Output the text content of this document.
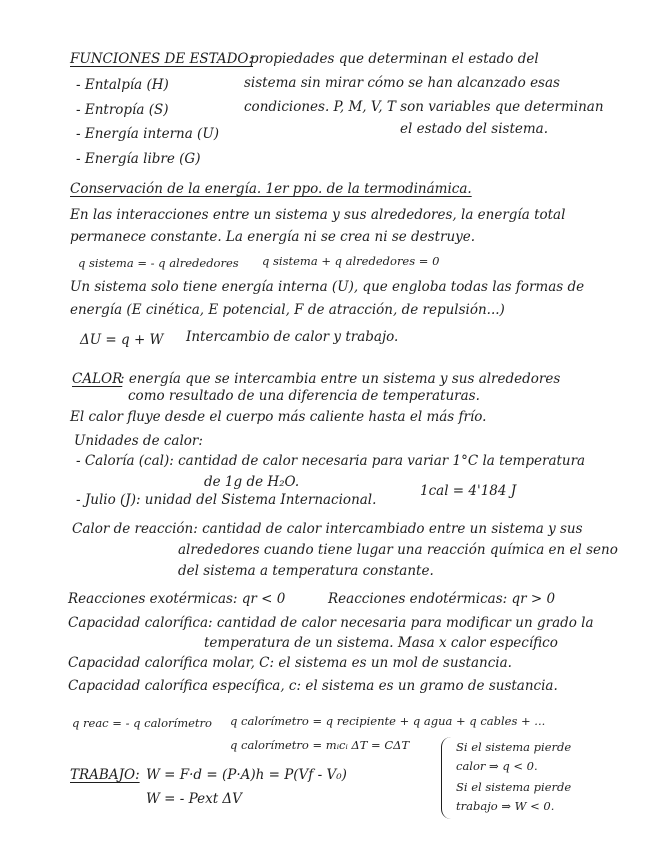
FUNCIONES DE ESTADO:
- Entalpía (H)
- Entropía (S)
- Energía interna (U)
- Energía libre (G)
propiedades que determinan el estado del
sistema sin mirar cómo se han alcanzado esas
condiciones. P, M, V, T son variables que determinan
el estado del sistema.
Conservación de la energía. 1er ppo. de la termodinámica.
En las interacciones entre un sistema y sus alrededores, la energía total
permanece constante. La energía ni se crea ni se destruye.
q sistema = - q alrededores q sistema + q alrededores = 0
Un sistema solo tiene energía interna (U), que engloba todas las formas de
energía (E cinética, E potencial, F de atracción, de repulsión...)
ΔU = q + W Intercambio de calor y trabajo.
CALOR
: energía que se intercambia entre un sistema y sus alrededores
como resultado de una diferencia de temperaturas.
El calor fluye desde el cuerpo más caliente hasta el más frío.
Unidades de calor:
- Caloría (cal): cantidad de calor necesaria para variar 1°C la temperatura
de 1g de H₂O.
- Julio (J): unidad del Sistema Internacional.
1cal = 4'184 J
Calor de reacción: cantidad de calor intercambiado entre un sistema y sus
alrededores cuando tiene lugar una reacción química en el seno
del sistema a temperatura constante.
Reacciones exotérmicas: qr < 0	Reacciones endotérmicas: qr > 0
Capacidad calorífica: cantidad de calor necesaria para modificar un grado la
temperatura de un sistema. Masa x calor específico
Capacidad calorífica molar, C: el sistema es un mol de sustancia.
Capacidad calorífica específica, c: el sistema es un gramo de sustancia.
q reac = - q calorímetro q calorímetro = q recipiente + q agua + q cables + ...
q calorímetro = mᵢcᵢ ΔT = CΔT
TRABAJO: W = F·d = (P·A)h = P(Vf - V₀)
W = - Pext ΔV
Si el sistema pierde
calor ⇒ q < 0.
Si el sistema pierde
trabajo ⇒ W < 0.
